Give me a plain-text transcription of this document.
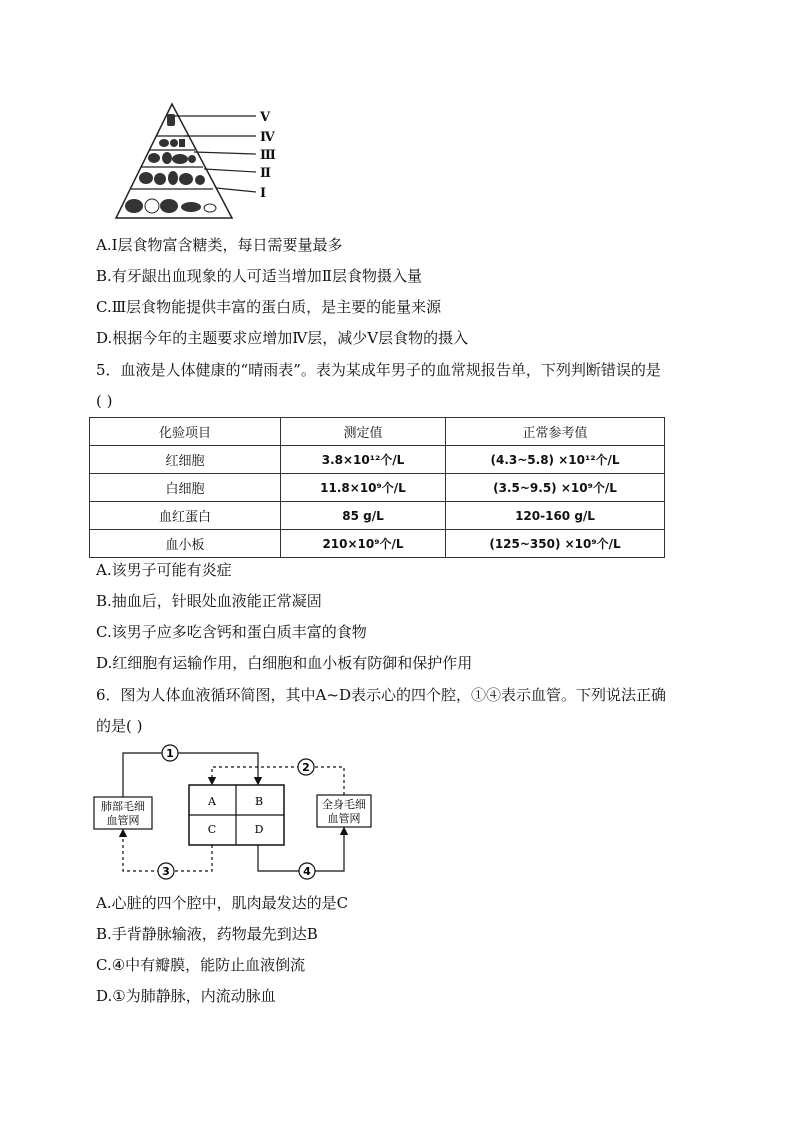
V
Ⅳ
Ⅲ
Ⅱ
Ⅰ
A.Ⅰ层食物富含糖类，每日需要量最多
B.有牙龈出血现象的人可适当增加Ⅱ层食物摄入量
C.Ⅲ层食物能提供丰富的蛋白质，是主要的能量来源
D.根据今年的主题要求应增加Ⅳ层，减少Ⅴ层食物的摄入
5．血液是人体健康的“晴雨表”。表为某成年男子的血常规报告单，下列判断错误的是
( )
化验项目	测定值	正常参考值
红细胞	3.8×10¹²个/L	(4.3~5.8) ×10¹²个/L
白细胞	11.8×10⁹个/L	(3.5~9.5) ×10⁹个/L
血红蛋白	85 g/L	120-160 g/L
血小板	210×10⁹个/L	(125~350) ×10⁹个/L
A.该男子可能有炎症
B.抽血后，针眼处血液能正常凝固
C.该男子应多吃含钙和蛋白质丰富的食物
D.红细胞有运输作用，白细胞和血小板有防御和保护作用
6．图为人体血液循环简图，其中A~D表示心的四个腔，①④表示血管。下列说法正确
的是( )
肺部毛细
血管网
全身毛细
血管网
A	B
C	D
1
2
3	4
A.心脏的四个腔中，肌肉最发达的是C
B.手背静脉输液，药物最先到达B
C.④中有瓣膜，能防止血液倒流
D.①为肺静脉，内流动脉血
